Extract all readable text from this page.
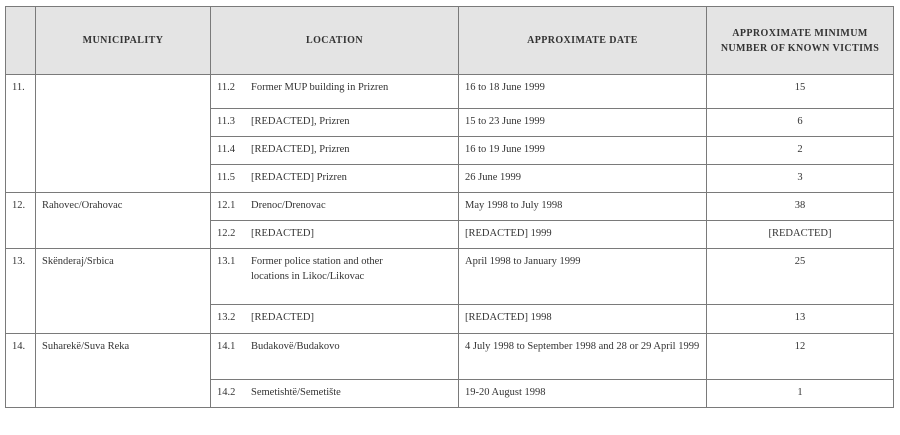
	MUNICIPALITY	LOCATION	APPROXIMATE DATE	APPROXIMATE MINIMUM NUMBER OF KNOWN VICTIMS
11.		11.2 Former MUP building in Prizren	16 to 18 June 1999	15
		11.3 [REDACTED], Prizren	15 to 23 June 1999	6
		11.4 [REDACTED], Prizren	16 to 19 June 1999	2
		11.5 [REDACTED] Prizren	26 June 1999	3
12.	Rahovec/Orahovac	12.1 Drenoc/Drenovac	May 1998 to July 1998	38
		12.2 [REDACTED]	[REDACTED] 1999	[REDACTED]
13.	Skënderaj/Srbica	13.1 Former police station and other locations in Likoc/Likovac	April 1998 to January 1999	25
		13.2 [REDACTED]	[REDACTED] 1998	13
14.	Suharekë/Suva Reka	14.1 Budakovë/Budakovo	4 July 1998 to September 1998 and 28 or 29 April 1999	12
		14.2 Semetishtë/Semetište	19-20 August 1998	1
